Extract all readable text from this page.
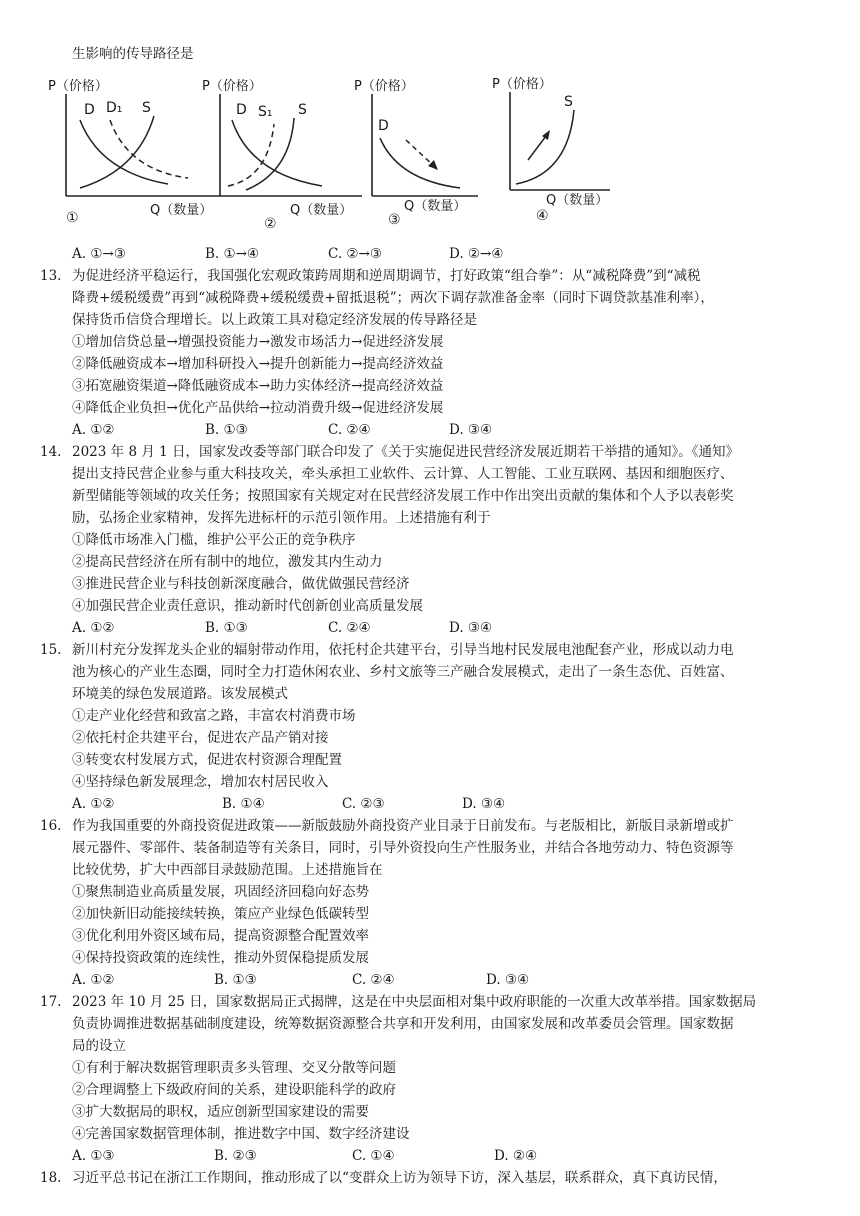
生影响的传导路径是
P（价格）
D D₁ S
Q（数量）
①
P（价格）
D S₁ S
Q（数量）
②
P（价格）
D
Q（数量）
③
P（价格）
S
Q（数量）
④
A. ①→③	B. ①→④	C. ②→③	D. ②→④
13. 为促进经济平稳运行，我国强化宏观政策跨周期和逆周期调节，打好政策“组合拳”：从“减税降费”到“减税
降费+缓税缓费”再到“减税降费+缓税缓费+留抵退税”；两次下调存款准备金率（同时下调贷款基准利率），
保持货币信贷合理增长。以上政策工具对稳定经济发展的传导路径是
①增加信贷总量→增强投资能力→激发市场活力→促进经济发展
②降低融资成本→增加科研投入→提升创新能力→提高经济效益
③拓宽融资渠道→降低融资成本→助力实体经济→提高经济效益
④降低企业负担→优化产品供给→拉动消费升级→促进经济发展
A. ①②	B. ①③	C. ②④	D. ③④
14. 2023 年 8 月 1 日，国家发改委等部门联合印发了《关于实施促进民营经济发展近期若干举措的通知》。《通知》
提出支持民营企业参与重大科技攻关，牵头承担工业软件、云计算、人工智能、工业互联网、基因和细胞医疗、
新型储能等领域的攻关任务；按照国家有关规定对在民营经济发展工作中作出突出贡献的集体和个人予以表彰奖
励，弘扬企业家精神，发挥先进标杆的示范引领作用。上述措施有利于
①降低市场准入门槛，维护公平公正的竞争秩序
②提高民营经济在所有制中的地位，激发其内生动力
③推进民营企业与科技创新深度融合，做优做强民营经济
④加强民营企业责任意识，推动新时代创新创业高质量发展
A. ①②	B. ①③	C. ②④	D. ③④
15. 新川村充分发挥龙头企业的辐射带动作用，依托村企共建平台，引导当地村民发展电池配套产业，形成以动力电
池为核心的产业生态圈，同时全力打造休闲农业、乡村文旅等三产融合发展模式，走出了一条生态优、百姓富、
环境美的绿色发展道路。该发展模式
①走产业化经营和致富之路，丰富农村消费市场
②依托村企共建平台，促进农产品产销对接
③转变农村发展方式，促进农村资源合理配置
④坚持绿色新发展理念，增加农村居民收入
A. ①②	B. ①④	C. ②③	D. ③④
16. 作为我国重要的外商投资促进政策——新版鼓励外商投资产业目录于日前发布。与老版相比，新版目录新增或扩
展元器件、零部件、装备制造等有关条目，同时，引导外资投向生产性服务业，并结合各地劳动力、特色资源等
比较优势，扩大中西部目录鼓励范围。上述措施旨在
①聚焦制造业高质量发展，巩固经济回稳向好态势
②加快新旧动能接续转换，策应产业绿色低碳转型
③优化利用外资区域布局，提高资源整合配置效率
④保持投资政策的连续性，推动外贸保稳提质发展
A. ①②	B. ①③	C. ②④	D. ③④
17. 2023 年 10 月 25 日，国家数据局正式揭牌，这是在中央层面相对集中政府职能的一次重大改革举措。国家数据局
负责协调推进数据基础制度建设，统筹数据资源整合共享和开发利用，由国家发展和改革委员会管理。国家数据
局的设立
①有利于解决数据管理职责多头管理、交叉分散等问题
②合理调整上下级政府间的关系，建设职能科学的政府
③扩大数据局的职权，适应创新型国家建设的需要
④完善国家数据管理体制，推进数字中国、数字经济建设
A. ①③	B. ②③	C. ①④	D. ②④
18. 习近平总书记在浙江工作期间，推动形成了以“变群众上访为领导下访，深入基层，联系群众，真下真访民情，
